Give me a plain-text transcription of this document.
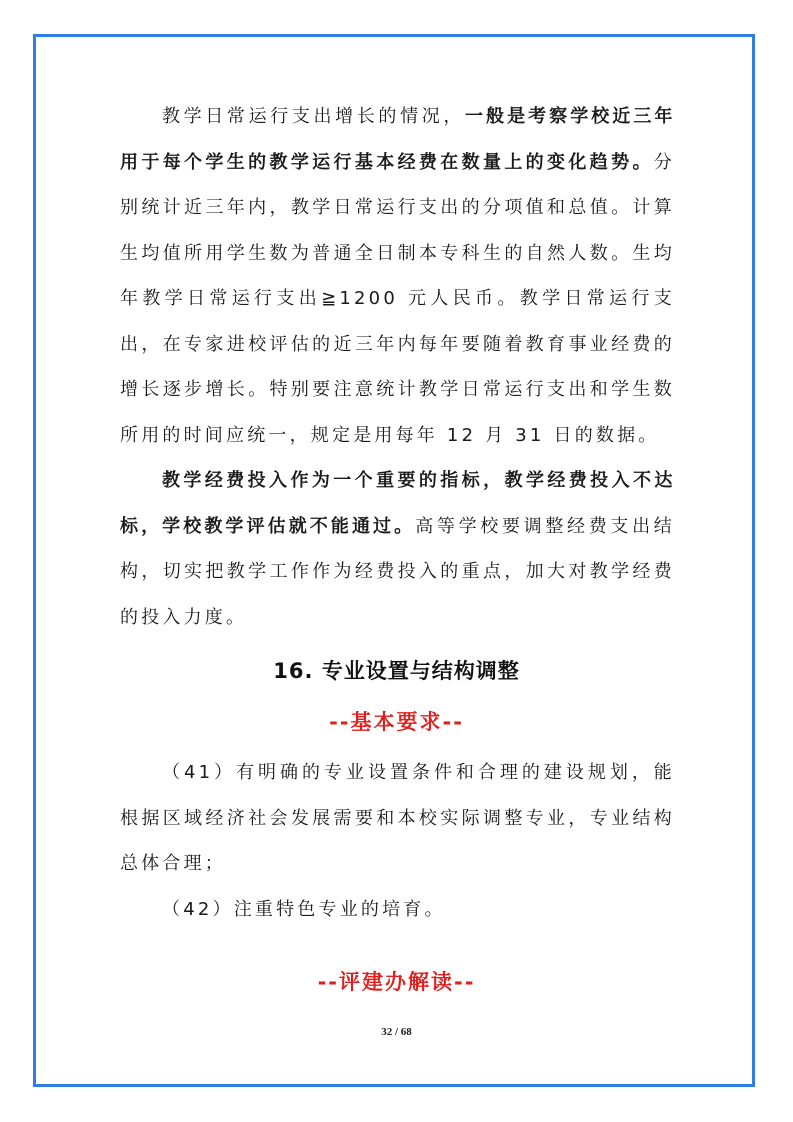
教学日常运行支出增长的情况，一般是考察学校近三年用于每个学生的教学运行基本经费在数量上的变化趋势。分别统计近三年内，教学日常运行支出的分项值和总值。计算生均值所用学生数为普通全日制本专科生的自然人数。生均年教学日常运行支出≧1200 元人民币。教学日常运行支出，在专家进校评估的近三年内每年要随着教育事业经费的增长逐步增长。特别要注意统计教学日常运行支出和学生数所用的时间应统一，规定是用每年 12 月 31 日的数据。

教学经费投入作为一个重要的指标，教学经费投入不达标，学校教学评估就不能通过。高等学校要调整经费支出结构，切实把教学工作作为经费投入的重点，加大对教学经费的投入力度。

16. 专业设置与结构调整
--基本要求--

（41）有明确的专业设置条件和合理的建设规划，能根据区域经济社会发展需要和本校实际调整专业，专业结构总体合理；

（42）注重特色专业的培育。

--评建办解读--
32 / 68
